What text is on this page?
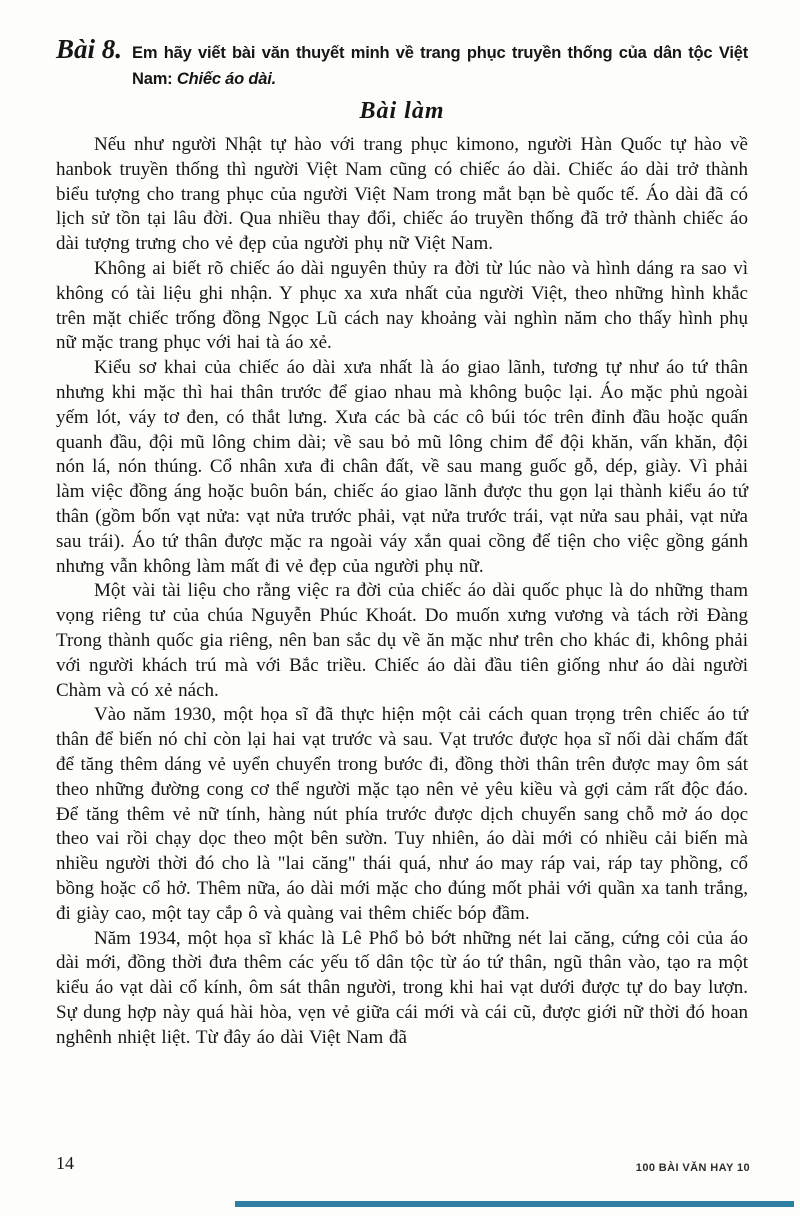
Bài 8. Em hãy viết bài văn thuyết minh về trang phục truyền thống của dân tộc Việt Nam: Chiếc áo dài.
Bài làm

Nếu như người Nhật tự hào với trang phục kimono, người Hàn Quốc tự hào về hanbok truyền thống thì người Việt Nam cũng có chiếc áo dài. Chiếc áo dài trở thành biểu tượng cho trang phục của người Việt Nam trong mắt bạn bè quốc tế. Áo dài đã có lịch sử tồn tại lâu đời. Qua nhiều thay đổi, chiếc áo truyền thống đã trở thành chiếc áo dài tượng trưng cho vẻ đẹp của người phụ nữ Việt Nam.

Không ai biết rõ chiếc áo dài nguyên thủy ra đời từ lúc nào và hình dáng ra sao vì không có tài liệu ghi nhận. Y phục xa xưa nhất của người Việt, theo những hình khắc trên mặt chiếc trống đồng Ngọc Lũ cách nay khoảng vài nghìn năm cho thấy hình phụ nữ mặc trang phục với hai tà áo xẻ.

Kiểu sơ khai của chiếc áo dài xưa nhất là áo giao lãnh, tương tự như áo tứ thân nhưng khi mặc thì hai thân trước để giao nhau mà không buộc lại. Áo mặc phủ ngoài yếm lót, váy tơ đen, có thắt lưng. Xưa các bà các cô búi tóc trên đỉnh đầu hoặc quấn quanh đầu, đội mũ lông chim dài; về sau bỏ mũ lông chim để đội khăn, vấn khăn, đội nón lá, nón thúng. Cổ nhân xưa đi chân đất, về sau mang guốc gỗ, dép, giày. Vì phải làm việc đồng áng hoặc buôn bán, chiếc áo giao lãnh được thu gọn lại thành kiểu áo tứ thân (gồm bốn vạt nửa: vạt nửa trước phải, vạt nửa trước trái, vạt nửa sau phải, vạt nửa sau trái). Áo tứ thân được mặc ra ngoài váy xắn quai cồng để tiện cho việc gồng gánh nhưng vẫn không làm mất đi vẻ đẹp của người phụ nữ.

Một vài tài liệu cho rằng việc ra đời của chiếc áo dài quốc phục là do những tham vọng riêng tư của chúa Nguyễn Phúc Khoát. Do muốn xưng vương và tách rời Đàng Trong thành quốc gia riêng, nên ban sắc dụ về ăn mặc như trên cho khác đi, không phải với người khách trú mà với Bắc triều. Chiếc áo dài đầu tiên giống như áo dài người Chàm và có xẻ nách.

Vào năm 1930, một họa sĩ đã thực hiện một cải cách quan trọng trên chiếc áo tứ thân để biến nó chỉ còn lại hai vạt trước và sau. Vạt trước được họa sĩ nối dài chấm đất để tăng thêm dáng vẻ uyển chuyển trong bước đi, đồng thời thân trên được may ôm sát theo những đường cong cơ thể người mặc tạo nên vẻ yêu kiều và gợi cảm rất độc đáo. Để tăng thêm vẻ nữ tính, hàng nút phía trước được dịch chuyển sang chỗ mở áo dọc theo vai rồi chạy dọc theo một bên sườn. Tuy nhiên, áo dài mới có nhiều cải biến mà nhiều người thời đó cho là "lai căng" thái quá, như áo may ráp vai, ráp tay phồng, cổ bồng hoặc cổ hở. Thêm nữa, áo dài mới mặc cho đúng mốt phải với quần xa tanh trắng, đi giày cao, một tay cắp ô và quàng vai thêm chiếc bóp đầm.

Năm 1934, một họa sĩ khác là Lê Phổ bỏ bớt những nét lai căng, cứng cỏi của áo dài mới, đồng thời đưa thêm các yếu tố dân tộc từ áo tứ thân, ngũ thân vào, tạo ra một kiểu áo vạt dài cổ kính, ôm sát thân người, trong khi hai vạt dưới được tự do bay lượn. Sự dung hợp này quá hài hòa, vẹn vẻ giữa cái mới và cái cũ, được giới nữ thời đó hoan nghênh nhiệt liệt. Từ đây áo dài Việt Nam đã

14	100 BÀI VĂN HAY 10
